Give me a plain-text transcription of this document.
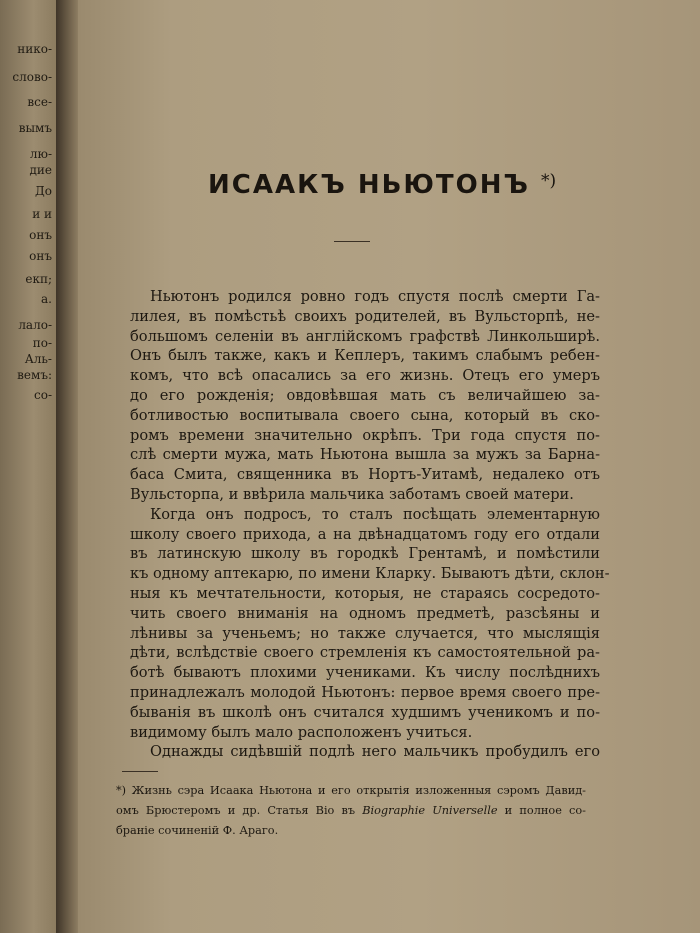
нико-
слово-
все-
вымъ
лю-
дие
До
и и
онъ
онъ
екп;
а.
лало-
по-
Аль-
вемъ:
со-
ИСААКЪ НЬЮТОНЪ *)
Ньютонъ родился ровно годъ спустя послѣ смерти Га-
лилея, въ помѣстьѣ своихъ родителей, въ Вульсторпѣ, не-
большомъ селеніи въ англійскомъ графствѣ Линкольширѣ.
Онъ былъ также, какъ и Кеплеръ, такимъ слабымъ ребен-
комъ, что всѣ опасались за его жизнь. Отецъ его умеръ
до его рожденія; овдовѣвшая мать съ величайшею за-
ботливостью воспитывала своего сына, который въ ско-
ромъ времени значительно окрѣпъ. Три года спустя по-
слѣ смерти мужа, мать Ньютона вышла за мужъ за Барна-
баса Смита, священника въ Нортъ-Уитамѣ, недалеко отъ
Вульсторпа, и ввѣрила мальчика заботамъ своей матери.
Когда онъ подросъ, то сталъ посѣщать элементарную
школу своего прихода, а на двѣнадцатомъ году его отдали
въ латинскую школу въ городкѣ Грентамѣ, и помѣстили
къ одному аптекарю, по имени Кларку. Бываютъ дѣти, склон-
ныя къ мечтательности, которыя, не стараясь сосредото-
чить своего вниманія на одномъ предметѣ, разсѣяны и
лѣнивы за ученьемъ; но также случается, что мыслящія
дѣти, вслѣдствіе своего стремленія къ самостоятельной ра-
ботѣ бываютъ плохими учениками. Къ числу послѣднихъ
принадлежалъ молодой Ньютонъ: первое время своего пре-
быванія въ школѣ онъ считался худшимъ ученикомъ и по-
видимому былъ мало расположенъ учиться.
Однажды сидѣвшій подлѣ него мальчикъ пробудилъ его
*) Жизнь сэра Исаака Ньютона и его открытія изложенныя сэромъ Давид-
омъ Брюстеромъ и др. Статья Віо въ Biographie Universelle и полное со-
браніе сочиненій Ф. Араго.
